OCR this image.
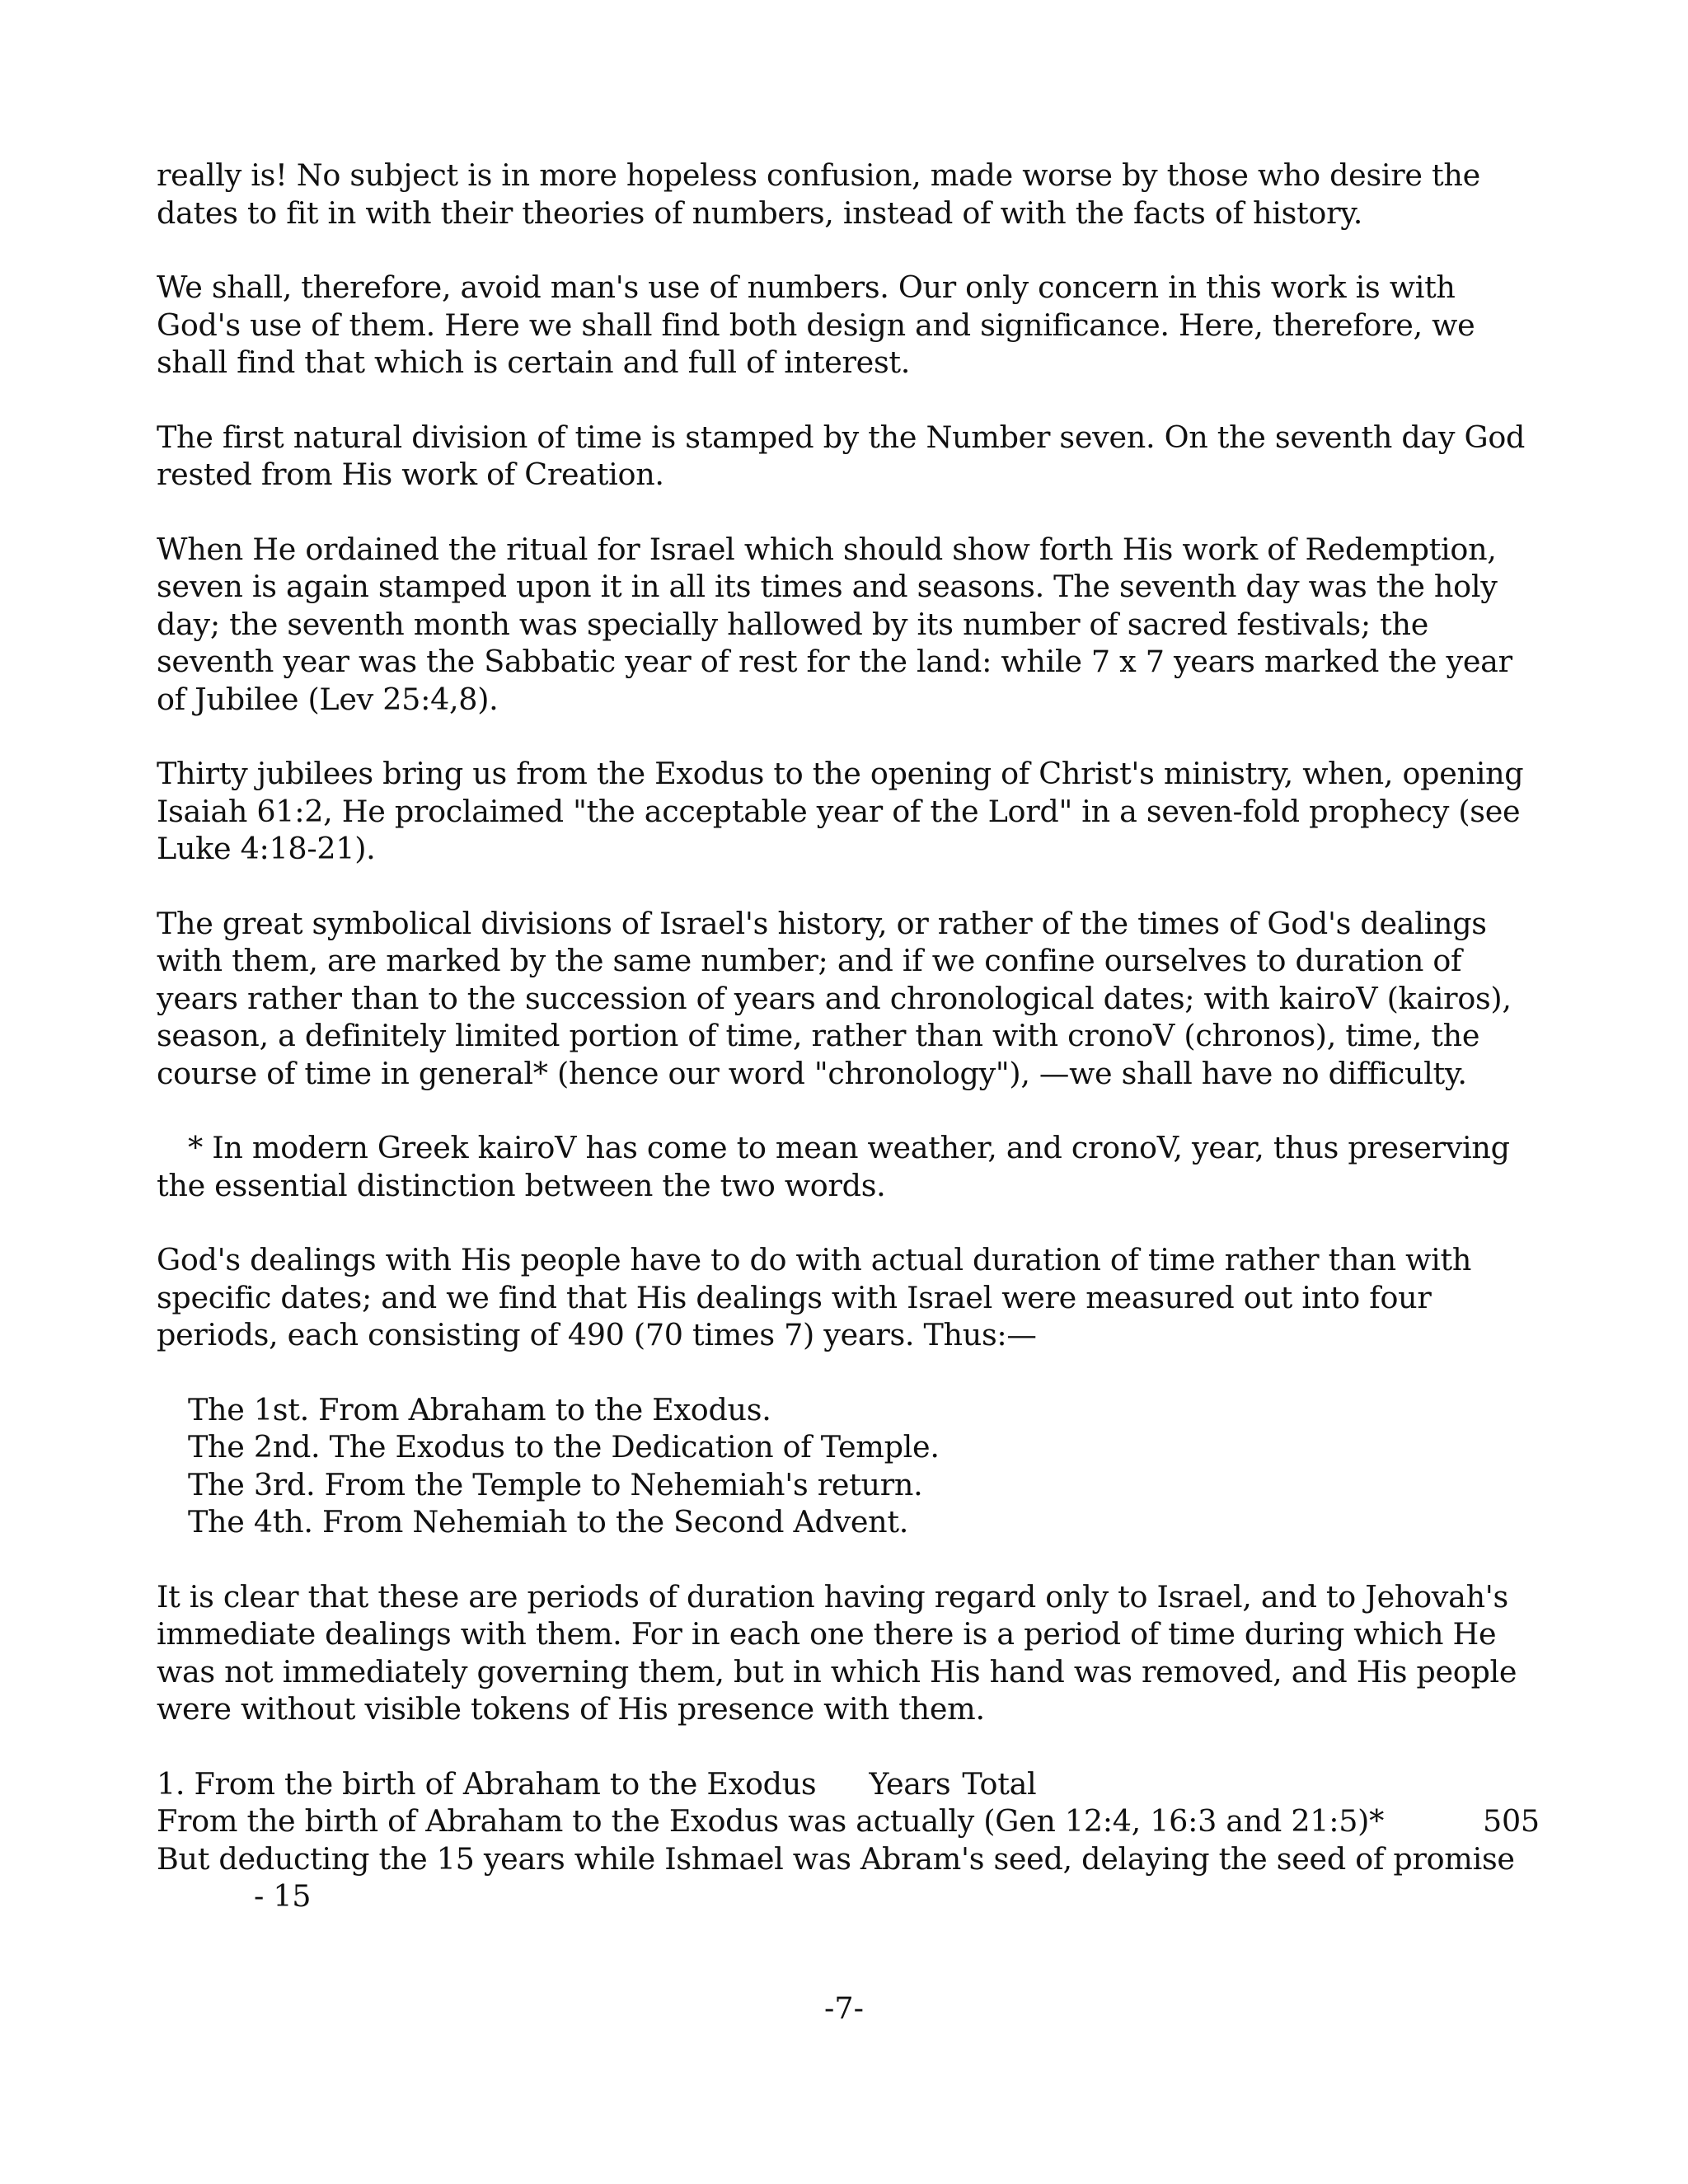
really is! No subject is in more hopeless confusion, made worse by those who desire the dates to fit in with their theories of numbers, instead of with the facts of history.

We shall, therefore, avoid man's use of numbers. Our only concern in this work is with God's use of them. Here we shall find both design and significance. Here, therefore, we shall find that which is certain and full of interest.

The first natural division of time is stamped by the Number seven. On the seventh day God rested from His work of Creation.

When He ordained the ritual for Israel which should show forth His work of Redemption, seven is again stamped upon it in all its times and seasons. The seventh day was the holy day; the seventh month was specially hallowed by its number of sacred festivals; the seventh year was the Sabbatic year of rest for the land: while 7 x 7 years marked the year of Jubilee (Lev 25:4,8).

Thirty jubilees bring us from the Exodus to the opening of Christ's ministry, when, opening Isaiah 61:2, He proclaimed "the acceptable year of the Lord" in a seven-fold prophecy (see Luke 4:18-21).

The great symbolical divisions of Israel's history, or rather of the times of God's dealings with them, are marked by the same number; and if we confine ourselves to duration of years rather than to the succession of years and chronological dates; with kairoV (kairos), season, a definitely limited portion of time, rather than with cronoV (chronos), time, the course of time in general* (hence our word "chronology"), —we shall have no difficulty.

* In modern Greek kairoV has come to mean weather, and cronoV, year, thus preserving the essential distinction between the two words.

God's dealings with His people have to do with actual duration of time rather than with specific dates; and we find that His dealings with Israel were measured out into four periods, each consisting of 490 (70 times 7) years. Thus:—

The 1st. From Abraham to the Exodus.
The 2nd. The Exodus to the Dedication of Temple.
The 3rd. From the Temple to Nehemiah's return.
The 4th. From Nehemiah to the Second Advent.

It is clear that these are periods of duration having regard only to Israel, and to Jehovah's immediate dealings with them. For in each one there is a period of time during which He was not immediately governing them, but in which His hand was removed, and His people were without visible tokens of His presence with them.

1. From the birth of Abraham to the Exodus Years Total
From the birth of Abraham to the Exodus was actually (Gen 12:4, 16:3 and 21:5)*	505
But deducting the 15 years while Ishmael was Abram's seed, delaying the seed of promise
- 15
-7-
